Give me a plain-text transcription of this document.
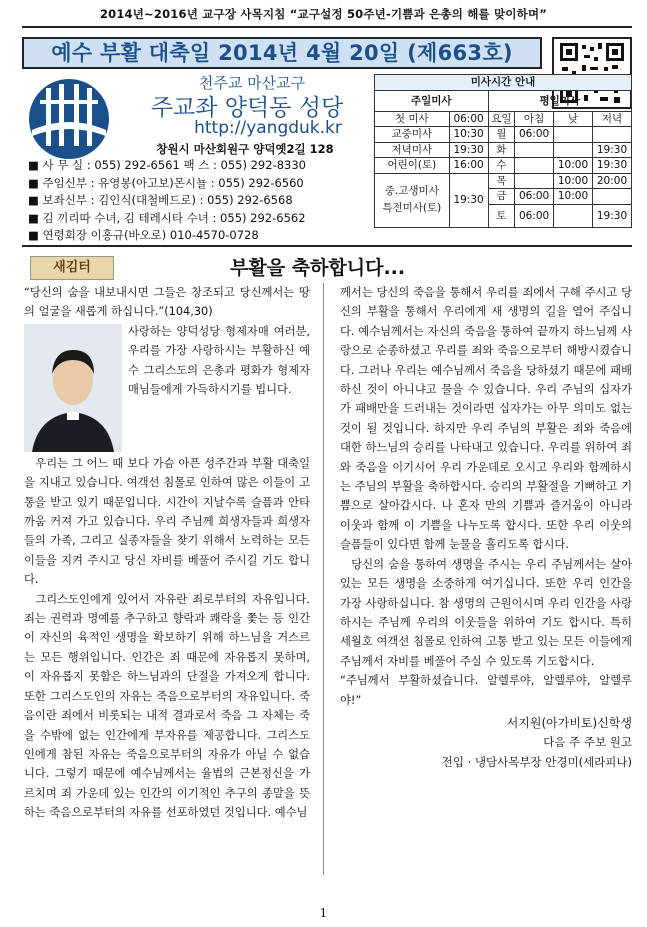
2014년~2016년 교구장 사목지침 “교구설정 50주년-기쁨과 은총의 해를 맞이하며”
예수 부활 대축일 2014년 4월 20일 (제663호)
천주교 마산교구
주교좌 양덕동 성당
http://yangduk.kr
창원시 마산회원구 양덕옛2길 128
■ 사 무 실 : 055) 292-6561 팩 스 : 055) 292-8330
■ 주임신부 : 유영봉(아고보)몬시뇰 : 055) 292-6560
■ 보좌신부 : 김인식(대철베드로) : 055) 292-6568
■ 김 끼리따 수녀, 김 테레시타 수녀 : 055) 292-6562
■ 연령회장 이홍규(바오로) 010-4570-0728
미사시간 안내					
주일미사		평일미사			
첫 미사	06:00	요일	아침	낮	저녁
교중미사	10:30	월	06:00		
저녁미사	19:30	화			19:30
어린이(토)	16:00	수		10:00	19:30
중.고생미사
특전미사(토)	19:30	목		10:00	20:00
		금	06:00	10:00	
		토	06:00		19:30
새김터	부활을 축하합니다...

“당신의 숨을 내보내시면 그들은 창조되고 당신께서는 땅의 얼굴을 새롭게 하십니다.”(104,30)

사랑하는 양덕성당 형제자매 여러분, 우리를 가장 사랑하시는 부활하신 예수 그리스도의 은총과 평화가 형제자매님들에게 가득하시기를 빕니다.

우리는 그 어느 때 보다 가슴 아픈 성주간과 부활 대축일을 지내고 있습니다. 여객선 침몰로 인하여 많은 이들이 고통을 받고 있기 때문입니다. 시간이 지날수록 슬픔과 안타까움 커져 가고 있습니다. 우리 주님께 희생자들과 희생자들의 가족, 그리고 실종자들을 찾기 위해서 노력하는 모든 이들을 지켜 주시고 당신 자비를 베풀어 주시길 기도 합니다.

그리스도인에게 있어서 자유란 죄로부터의 자유입니다. 죄는 권력과 명예를 추구하고 향락과 쾌락을 쫓는 등 인간이 자신의 육적인 생명을 확보하기 위해 하느님을 거스르는 모든 행위입니다. 인간은 죄 때문에 자유롭지 못하며, 이 자유롭지 못함은 하느님과의 단절을 가져오게 합니다. 또한 그리스도인의 자유는 죽음으로부터의 자유입니다. 죽음이란 죄에서 비롯되는 내적 결과로서 죽음 그 자체는 죽을 수밖에 없는 인간에게 부자유를 제공합니다. 그리스도인에게 참된 자유는 죽음으로부터의 자유가 아닐 수 없습니다. 그렇기 때문에 예수님께서는 율법의 근본정신을 가르치며 죄 가운데 있는 인간의 이기적인 추구의 종말을 뜻하는 죽음으로부터의 자유를 선포하였던 것입니다. 예수님

께서는 당신의 죽음을 통해서 우리를 죄에서 구해 주시고 당신의 부활을 통해서 우리에게 새 생명의 길을 열어 주십니다. 예수님께서는 자신의 죽음을 통하여 끝까지 하느님께 사랑으로 순종하셨고 우리를 죄와 죽음으로부터 해방시켰습니다. 그러나 우리는 예수님께서 죽음을 당하셨기 때문에 패배하신 것이 아니냐고 물을 수 있습니다. 우리 주님의 십자가가 패배만을 드러내는 것이라면 십자가는 아무 의미도 없는 것이 될 것입니다. 하지만 우리 주님의 부활은 죄와 죽음에 대한 하느님의 승리를 나타내고 있습니다. 우리를 위하여 죄와 죽음을 이기시어 우리 가운데로 오시고 우리와 함께하시는 주님의 부활을 축하합시다. 승리의 부활절을 기뻐하고 기쁨으로 살아갑시다. 나 혼자 만의 기쁨과 즐거움이 아니라 이웃과 함께 이 기쁨을 나누도록 합시다. 또한 우리 이웃의 슬픔들이 있다면 함께 눈물을 흘리도록 합시다.

당신의 숨을 통하여 생명을 주시는 우리 주님께서는 살아 있는 모든 생명을 소중하게 여기십니다. 또한 우리 인간을 가장 사랑하십니다. 참 생명의 근원이시며 우리 인간을 사랑하시는 주님께 우리의 이웃들을 위하여 기도 합시다. 특히 세월호 여객선 침몰로 인하여 고통 받고 있는 모든 이들에게 주님께서 자비를 베풀어 주실 수 있도록 기도합시다.

“주님께서 부활하셨습니다. 알렐루야, 알렐루야, 알렐루야!”

서지원(아가비토)신학생
다음 주 주보 원고
전입 · 냉담사목부장 안경미(세라피나)
1
